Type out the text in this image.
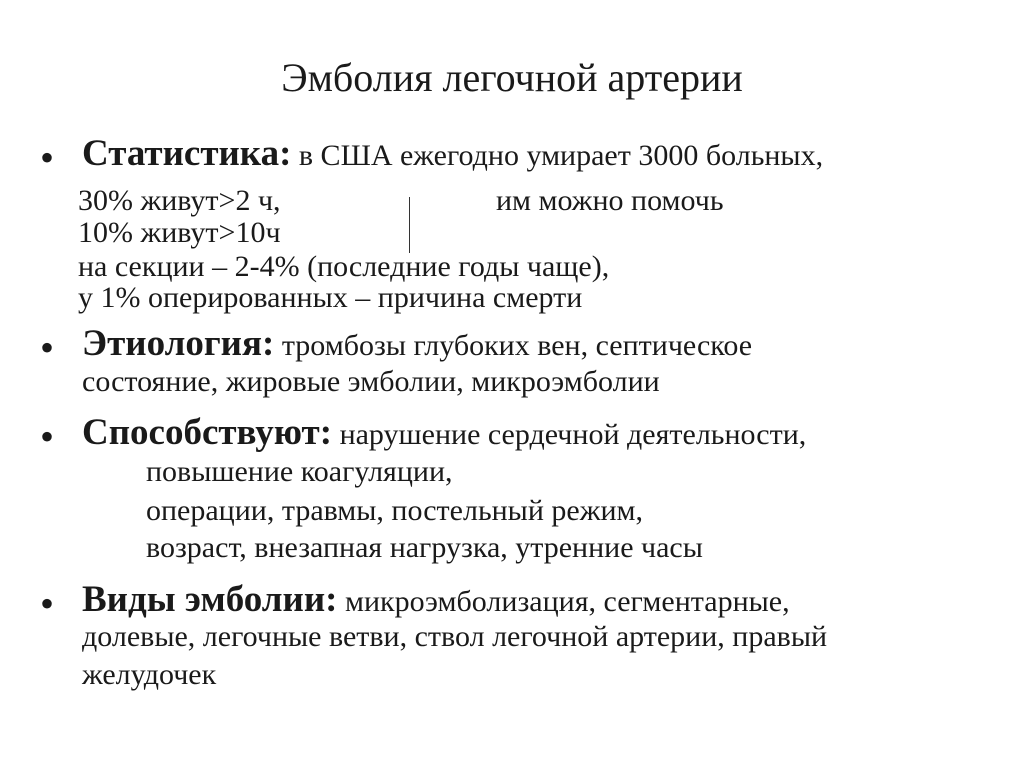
Эмболия легочной артерии
• Статистика: в США ежегодно умирает 3000 больных,
30% живут>2 ч,	им можно помочь
10% живут>10ч
на секции – 2-4% (последние годы чаще),
у 1% оперированных – причина смерти
• Этиология: тромбозы глубоких вен, септическое
состояние, жировые эмболии, микроэмболии
• Способствуют: нарушение сердечной деятельности,
повышение коагуляции,
операции, травмы, постельный режим,
возраст, внезапная нагрузка, утренние часы
• Виды эмболии: микроэмболизация, сегментарные,
долевые, легочные ветви, ствол легочной артерии, правый
желудочек
